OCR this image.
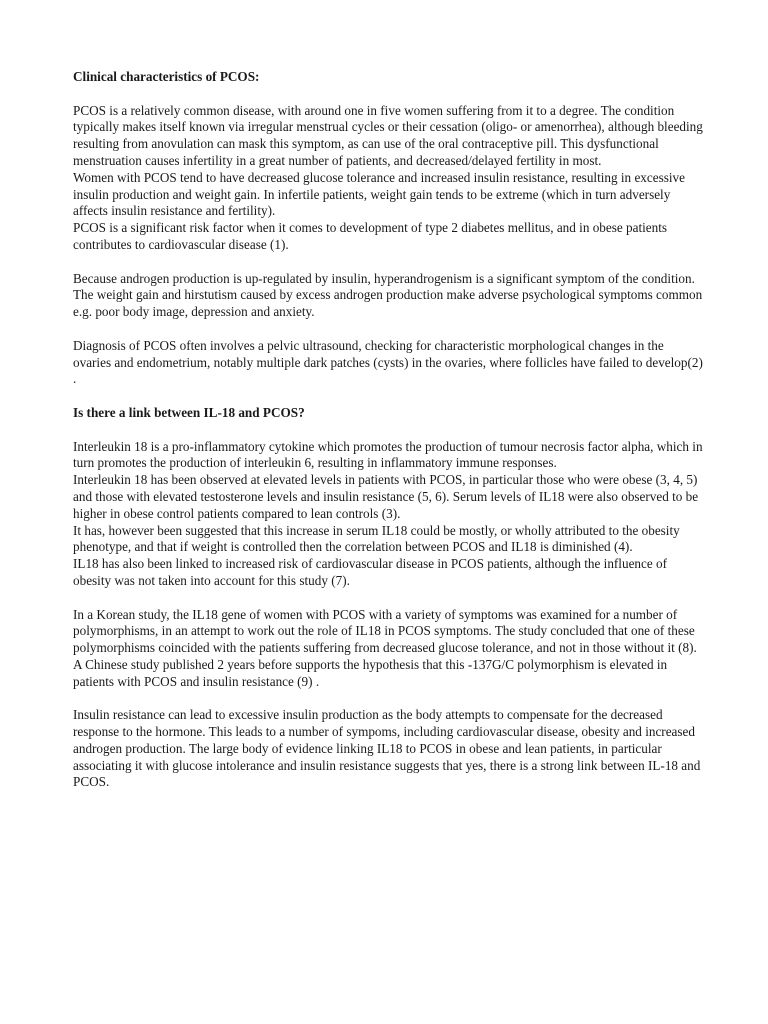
Clinical characteristics of PCOS:

PCOS is a relatively common disease, with around one in five women suffering from it to a degree. The condition typically makes itself known via irregular menstrual cycles or their cessation (oligo- or amenorrhea), although bleeding resulting from anovulation can mask this symptom, as can use of the oral contraceptive pill. This dysfunctional menstruation causes infertility in a great number of patients, and decreased/delayed fertility in most.

Women with PCOS tend to have decreased glucose tolerance and increased insulin resistance, resulting in excessive insulin production and weight gain. In infertile patients, weight gain tends to be extreme (which in turn adversely affects insulin resistance and fertility).

PCOS is a significant risk factor when it comes to development of type 2 diabetes mellitus, and in obese patients contributes to cardiovascular disease (1).

Because androgen production is up-regulated by insulin, hyperandrogenism is a significant symptom of the condition. The weight gain and hirstutism caused by excess androgen production make adverse psychological symptoms common e.g. poor body image, depression and anxiety.

Diagnosis of PCOS often involves a pelvic ultrasound, checking for characteristic morphological changes in the ovaries and endometrium, notably multiple dark patches (cysts) in the ovaries, where follicles have failed to develop(2) .

Is there a link between IL-18 and PCOS?

Interleukin 18 is a pro-inflammatory cytokine which promotes the production of tumour necrosis factor alpha, which in turn promotes the production of interleukin 6, resulting in inflammatory immune responses.

Interleukin 18 has been observed at elevated levels in patients with PCOS, in particular those who were obese (3, 4, 5) and those with elevated testosterone levels and insulin resistance (5, 6). Serum levels of IL18 were also observed to be higher in obese control patients compared to lean controls (3).

It has, however been suggested that this increase in serum IL18 could be mostly, or wholly attributed to the obesity phenotype, and that if weight is controlled then the correlation between PCOS and IL18 is diminished (4).

IL18 has also been linked to increased risk of cardiovascular disease in PCOS patients, although the influence of obesity was not taken into account for this study (7).

In a Korean study, the IL18 gene of women with PCOS with a variety of symptoms was examined for a number of polymorphisms, in an attempt to work out the role of IL18 in PCOS symptoms. The study concluded that one of these polymorphisms coincided with the patients suffering from decreased glucose tolerance, and not in those without it (8). A Chinese study published 2 years before supports the hypothesis that this -137G/C polymorphism is elevated in patients with PCOS and insulin resistance (9) .

Insulin resistance can lead to excessive insulin production as the body attempts to compensate for the decreased response to the hormone. This leads to a number of sympoms, including cardiovascular disease, obesity and increased androgen production. The large body of evidence linking IL18 to PCOS in obese and lean patients, in particular associating it with glucose intolerance and insulin resistance suggests that yes, there is a strong link between IL-18 and PCOS.
